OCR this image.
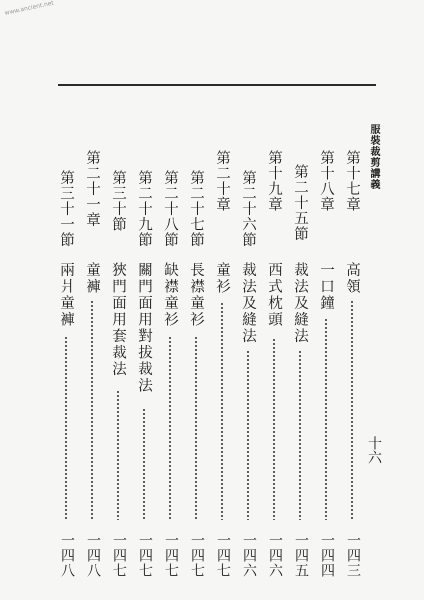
www.ancient.net
服裝裁剪講義
十六
第十七章
高領
一四三
第十八章
一口鐘
一四四
第二十五節
裁法及縫法
一四五
第十九章
西式枕頭
一四六
第二十六節
裁法及縫法
一四六
第二十章
童衫
一四七
第二十七節
長襟童衫
一四七
第二十八節
缺襟童衫
一四七
第二十九節
關門面用對拔裁法
一四七
第三十節
狹門面用套裁法
一四七
第二十一章
童褲
一四八
第三十一節
兩爿童褲
一四八
